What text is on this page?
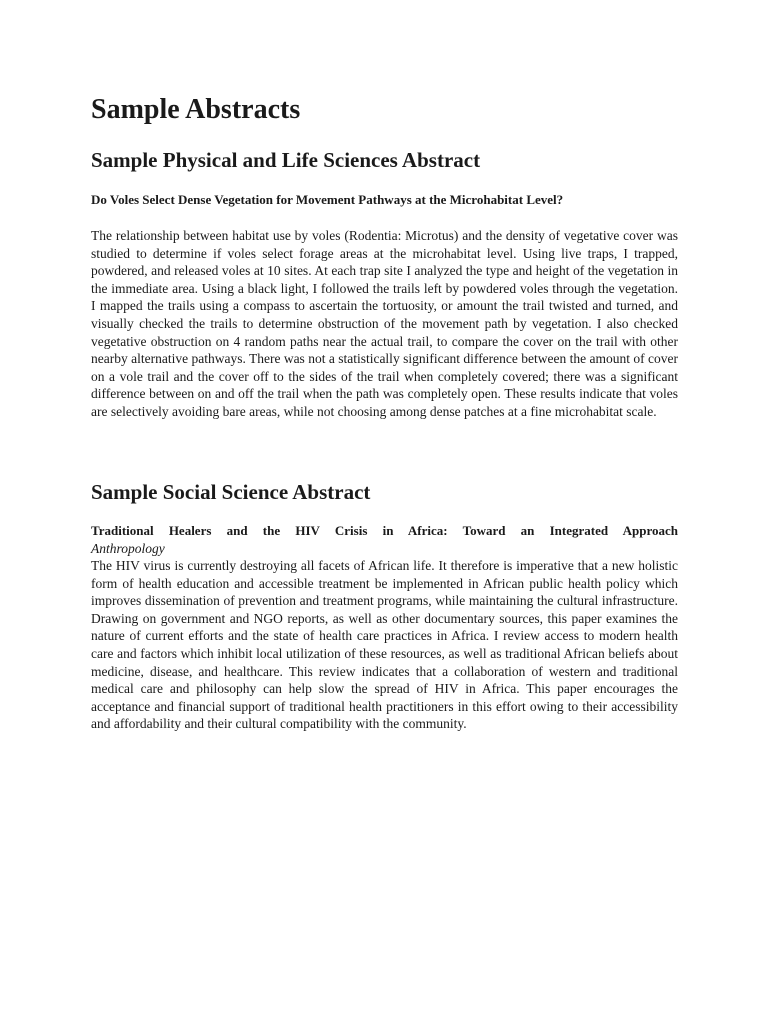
Sample Abstracts
Sample Physical and Life Sciences Abstract
Do Voles Select Dense Vegetation for Movement Pathways at the Microhabitat Level?

The relationship between habitat use by voles (Rodentia: Microtus) and the density of vegetative cover was studied to determine if voles select forage areas at the microhabitat level. Using live traps, I trapped, powdered, and released voles at 10 sites. At each trap site I analyzed the type and height of the vegetation in the immediate area. Using a black light, I followed the trails left by powdered voles through the vegetation. I mapped the trails using a compass to ascertain the tortuosity, or amount the trail twisted and turned, and visually checked the trails to determine obstruction of the movement path by vegetation. I also checked vegetative obstruction on 4 random paths near the actual trail, to compare the cover on the trail with other nearby alternative pathways. There was not a statistically significant difference between the amount of cover on a vole trail and the cover off to the sides of the trail when completely covered; there was a significant difference between on and off the trail when the path was completely open. These results indicate that voles are selectively avoiding bare areas, while not choosing among dense patches at a fine microhabitat scale.

Sample Social Science Abstract
Traditional Healers and the HIV Crisis in Africa: Toward an Integrated Approach

Anthropology

The HIV virus is currently destroying all facets of African life. It therefore is imperative that a new holistic form of health education and accessible treatment be implemented in African public health policy which improves dissemination of prevention and treatment programs, while maintaining the cultural infrastructure. Drawing on government and NGO reports, as well as other documentary sources, this paper examines the nature of current efforts and the state of health care practices in Africa. I review access to modern health care and factors which inhibit local utilization of these resources, as well as traditional African beliefs about medicine, disease, and healthcare. This review indicates that a collaboration of western and traditional medical care and philosophy can help slow the spread of HIV in Africa. This paper encourages the acceptance and financial support of traditional health practitioners in this effort owing to their accessibility and affordability and their cultural compatibility with the community.
